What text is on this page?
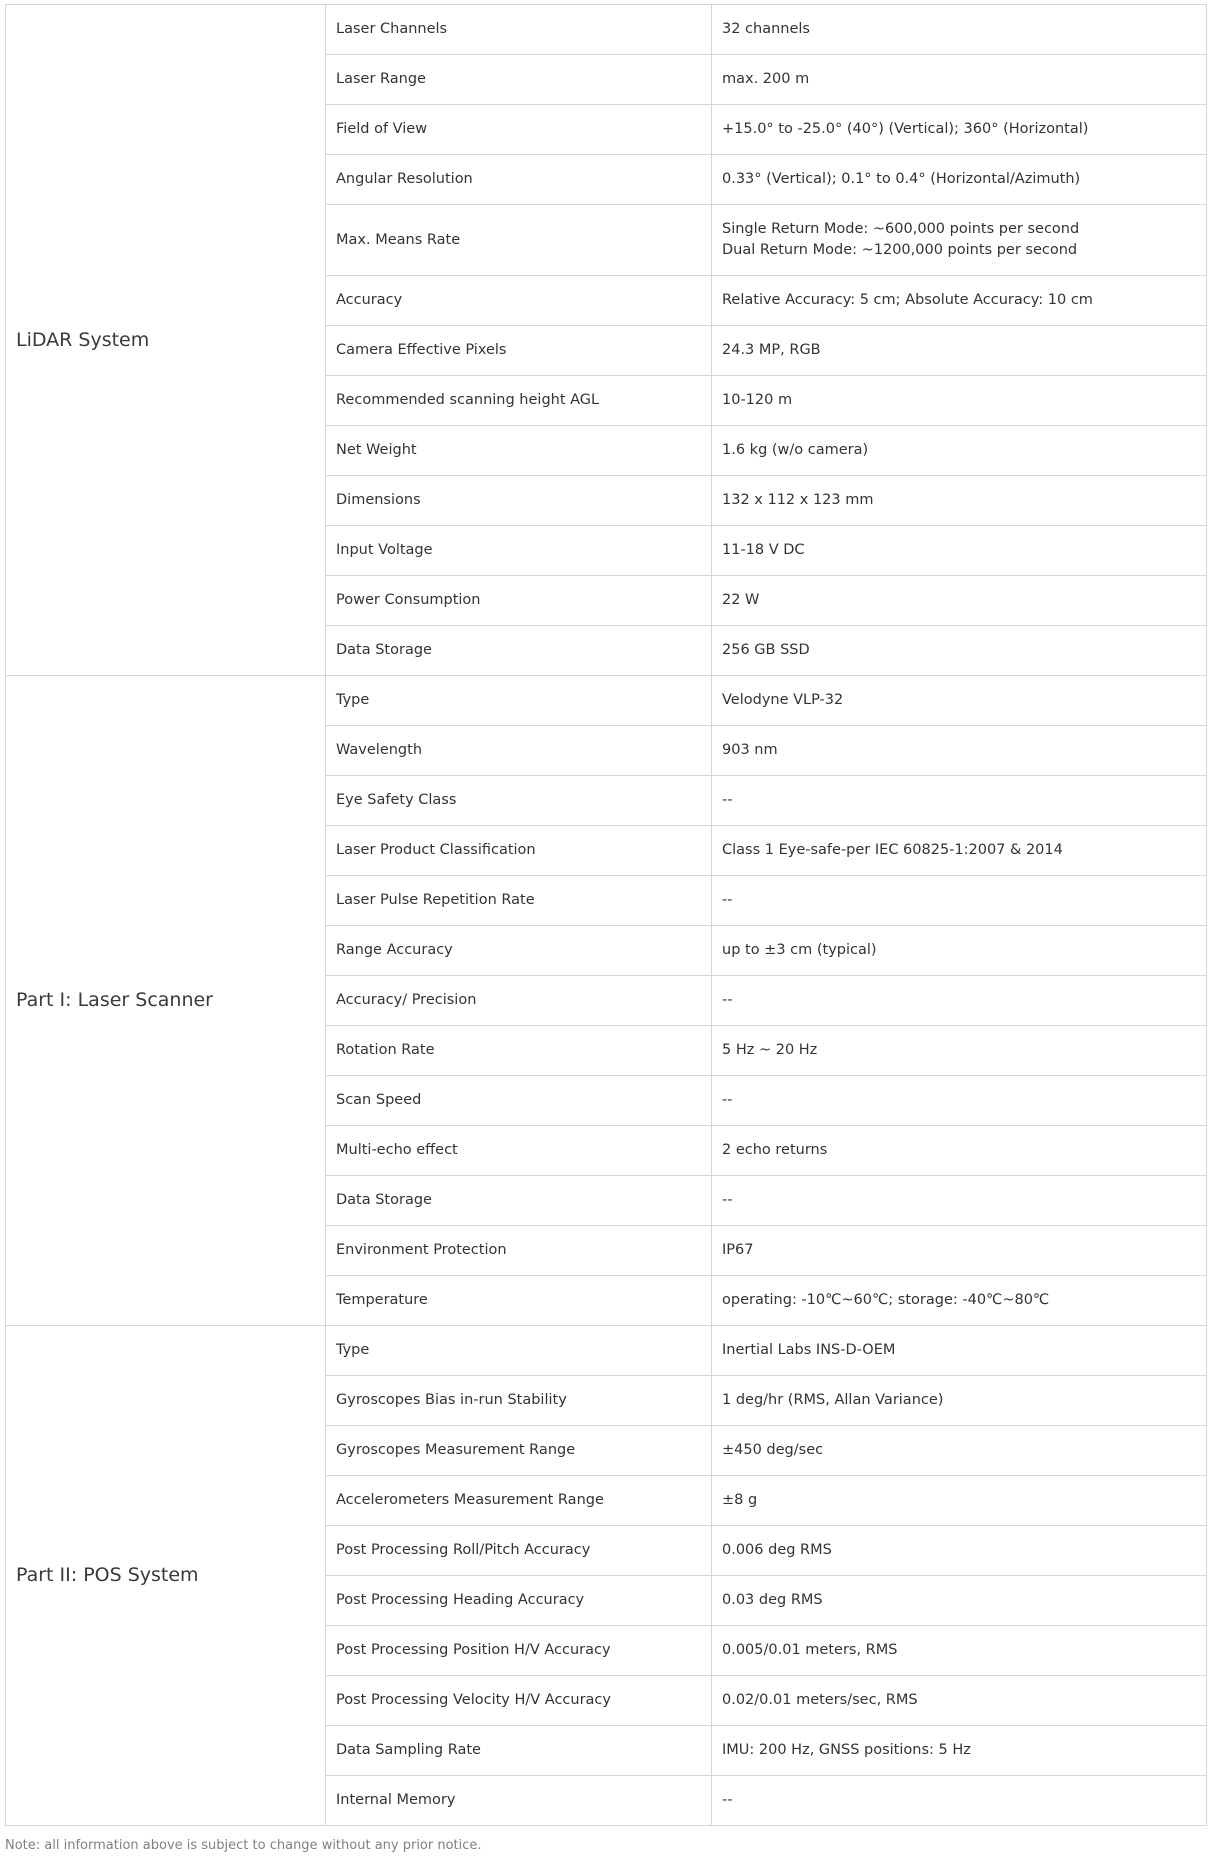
LiDAR System	Laser Channels	32 channels

	Laser Range	max. 200 m

	Field of View	+15.0° to -25.0° (40°) (Vertical); 360° (Horizontal)

	Angular Resolution	0.33° (Vertical); 0.1° to 0.4° (Horizontal/Azimuth)

	Max. Means Rate	Single Return Mode: ~600,000 points per second
Dual Return Mode: ~1200,000 points per second

	Accuracy	Relative Accuracy: 5 cm; Absolute Accuracy: 10 cm

	Camera Effective Pixels	24.3 MP, RGB

	Recommended scanning height AGL	10-120 m

	Net Weight	1.6 kg (w/o camera)

	Dimensions	132 x 112 x 123 mm

	Input Voltage	11-18 V DC

	Power Consumption	22 W

	Data Storage	256 GB SSD

Part I: Laser Scanner	Type	Velodyne VLP-32

	Wavelength	903 nm

	Eye Safety Class	--

	Laser Product Classification	Class 1 Eye-safe-per IEC 60825-1:2007 & 2014

	Laser Pulse Repetition Rate	--

	Range Accuracy	up to ±3 cm (typical)

	Accuracy/ Precision	--

	Rotation Rate	5 Hz ~ 20 Hz

	Scan Speed	--

	Multi-echo effect	2 echo returns

	Data Storage	--

	Environment Protection	IP67

	Temperature	operating: -10℃~60℃; storage: -40℃~80℃

Part II: POS System	Type	Inertial Labs INS-D-OEM

	Gyroscopes Bias in-run Stability	1 deg/hr (RMS, Allan Variance)

	Gyroscopes Measurement Range	±450 deg/sec

	Accelerometers Measurement Range	±8 g

	Post Processing Roll/Pitch Accuracy	0.006 deg RMS

	Post Processing Heading Accuracy	0.03 deg RMS

	Post Processing Position H/V Accuracy	0.005/0.01 meters, RMS

	Post Processing Velocity H/V Accuracy	0.02/0.01 meters/sec, RMS

	Data Sampling Rate	IMU: 200 Hz, GNSS positions: 5 Hz

	Internal Memory	--
Note: all information above is subject to change without any prior notice.
